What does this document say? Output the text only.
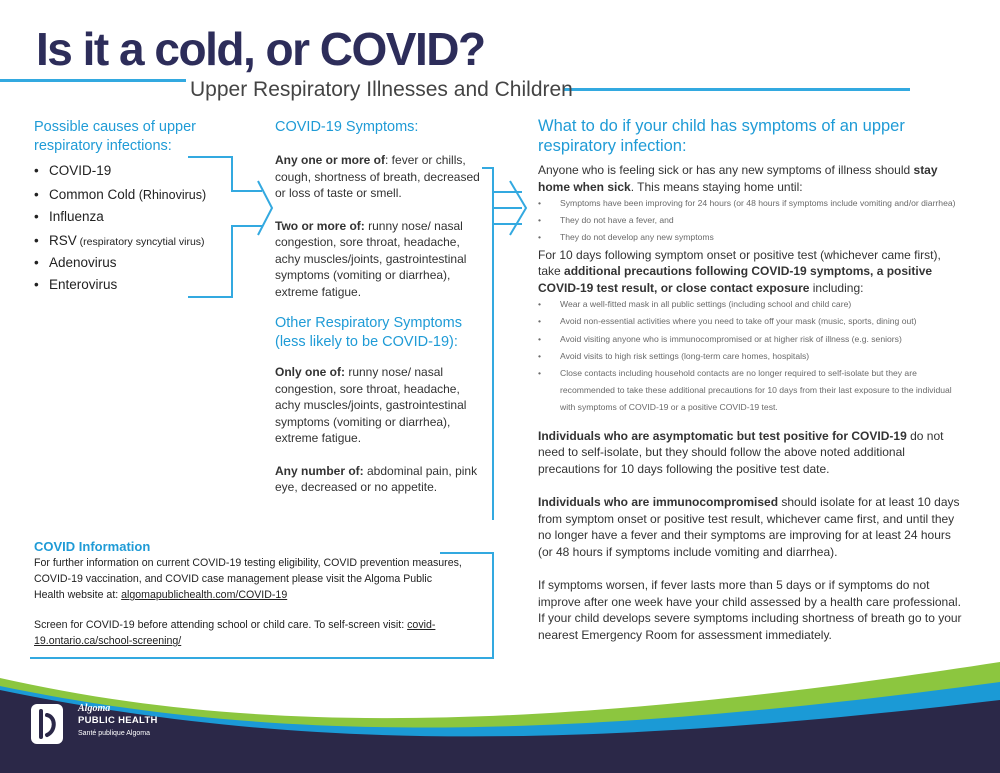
Is it a cold, or COVID?
Upper Respiratory Illnesses and Children
Possible causes of upper respiratory infections:
• COVID-19
• Common Cold (Rhinovirus)
• Influenza
• RSV (respiratory syncytial virus)
• Adenovirus
• Enterovirus
COVID-19 Symptoms:

Any one or more of: fever or chills, cough, shortness of breath, decreased or loss of taste or smell.

Two or more of: runny nose/ nasal congestion, sore throat, headache, achy muscles/joints, gastrointestinal symptoms (vomiting or diarrhea), extreme fatigue.

Other Respiratory Symptoms (less likely to be COVID-19):

Only one of: runny nose/ nasal congestion, sore throat, headache, achy muscles/joints, gastrointestinal symptoms (vomiting or diarrhea), extreme fatigue.

Any number of: abdominal pain, pink eye, decreased or no appetite.

What to do if your child has symptoms of an upper respiratory infection:

Anyone who is feeling sick or has any new symptoms of illness should stay home when sick. This means staying home until:

• Symptoms have been improving for 24 hours (or 48 hours if symptoms include vomiting and/or diarrhea)
• They do not have a fever, and
• They do not develop any new symptoms

For 10 days following symptom onset or positive test (whichever came first), take additional precautions following COVID-19 symptoms, a positive COVID-19 test result, or close contact exposure including:

• Wear a well-fitted mask in all public settings (including school and child care)
• Avoid non-essential activities where you need to take off your mask (music, sports, dining out)
• Avoid visiting anyone who is immunocompromised or at higher risk of illness (e.g. seniors)
• Avoid visits to high risk settings (long-term care homes, hospitals)
• Close contacts including household contacts are no longer required to self-isolate but they are recommended to take these additional precautions for 10 days from their last exposure to the individual with symptoms of COVID-19 or a positive COVID-19 test.

Individuals who are asymptomatic but test positive for COVID-19 do not need to self-isolate, but they should follow the above noted additional precautions for 10 days following the positive test date.

Individuals who are immunocompromised should isolate for at least 10 days from symptom onset or positive test result, whichever came first, and until they no longer have a fever and their symptoms are improving for at least 24 hours (or 48 hours if symptoms include vomiting and diarrhea).

If symptoms worsen, if fever lasts more than 5 days or if symptoms do not improve after one week have your child assessed by a health care professional. If your child develops severe symptoms including shortness of breath go to your nearest Emergency Room for assessment immediately.

COVID Information

For further information on current COVID-19 testing eligibility, COVID prevention measures, COVID-19 vaccination, and COVID case management please visit the Algoma Public Health website at: algomapublichealth.com/COVID-19

Screen for COVID-19 before attending school or child care. To self-screen visit: covid-19.ontario.ca/school-screening/

Algoma
PUBLIC HEALTH
Santé publique Algoma
